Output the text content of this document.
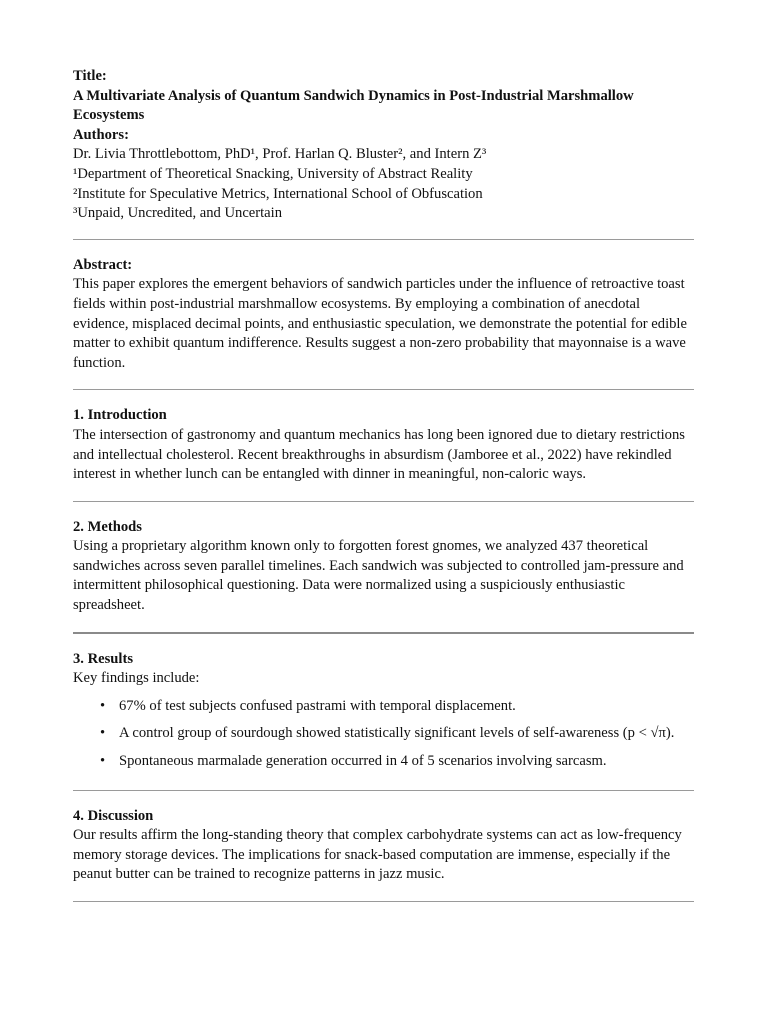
Title:

A Multivariate Analysis of Quantum Sandwich Dynamics in Post-Industrial Marshmallow Ecosystems

Authors:

Dr. Livia Throttlebottom, PhD¹, Prof. Harlan Q. Bluster², and Intern Z³

¹Department of Theoretical Snacking, University of Abstract Reality

²Institute for Speculative Metrics, International School of Obfuscation

³Unpaid, Uncredited, and Uncertain

Abstract:

This paper explores the emergent behaviors of sandwich particles under the influence of retroactive toast fields within post-industrial marshmallow ecosystems. By employing a combination of anecdotal evidence, misplaced decimal points, and enthusiastic speculation, we demonstrate the potential for edible matter to exhibit quantum indifference. Results suggest a non-zero probability that mayonnaise is a wave function.

1. Introduction

The intersection of gastronomy and quantum mechanics has long been ignored due to dietary restrictions and intellectual cholesterol. Recent breakthroughs in absurdism (Jamboree et al., 2022) have rekindled interest in whether lunch can be entangled with dinner in meaningful, non-caloric ways.

2. Methods

Using a proprietary algorithm known only to forgotten forest gnomes, we analyzed 437 theoretical sandwiches across seven parallel timelines. Each sandwich was subjected to controlled jam-pressure and intermittent philosophical questioning. Data were normalized using a suspiciously enthusiastic spreadsheet.

3. Results

Key findings include:

• 67% of test subjects confused pastrami with temporal displacement.
• A control group of sourdough showed statistically significant levels of self-awareness (p < √π).
• Spontaneous marmalade generation occurred in 4 of 5 scenarios involving sarcasm.

4. Discussion

Our results affirm the long-standing theory that complex carbohydrate systems can act as low-frequency memory storage devices. The implications for snack-based computation are immense, especially if the peanut butter can be trained to recognize patterns in jazz music.
